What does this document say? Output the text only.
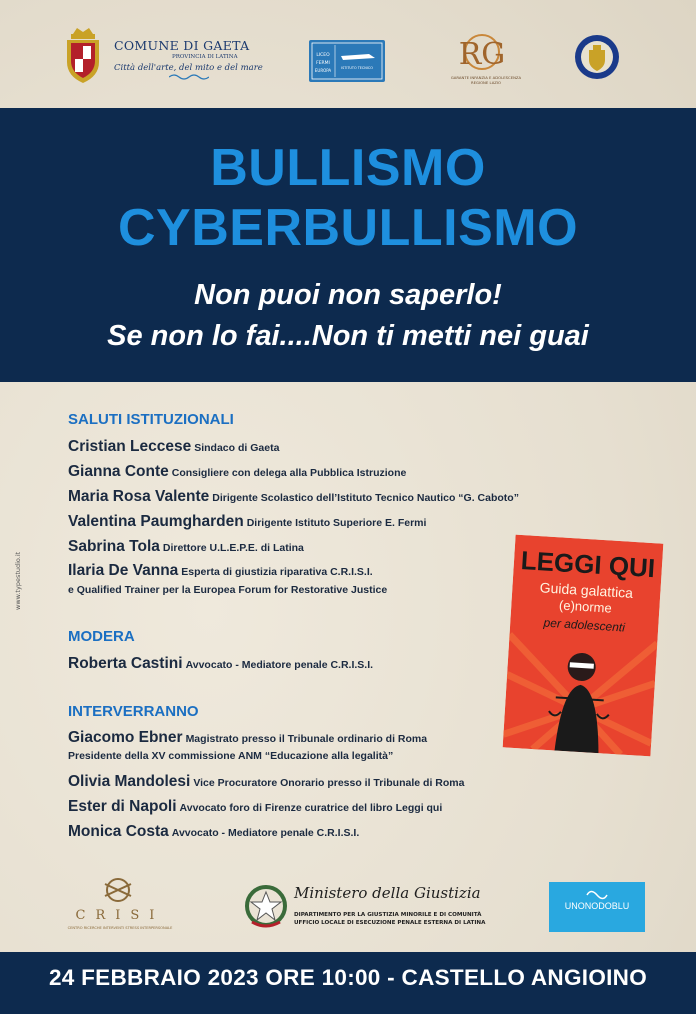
COMUNE DI GAETA
PROVINCIA DI LATINA
Città dell'arte, del mito e del mare
LICEO
FERMI
EUROPA	ISTITUTO TECNICO	RG
GARANTE INFANZIA E ADOLESCENZA REGIONE LAZIO
BULLISMO
CYBERBULLISMO
Non puoi non saperlo!
Se non lo fai....Non ti metti nei guai
SALUTI ISTITUZIONALI
Cristian Leccese Sindaco di Gaeta
Gianna Conte Consigliere con delega alla Pubblica Istruzione
Maria Rosa Valente Dirigente Scolastico dell’Istituto Tecnico Nautico “G. Caboto”
Valentina Paumgharden Dirigente Istituto Superiore E. Fermi
Sabrina Tola Direttore U.L.E.P.E. di Latina
Ilaria De Vanna Esperta di giustizia riparativa C.R.I.S.I.
e Qualified Trainer per la Europea Forum for Restorative Justice
MODERA
Roberta Castini Avvocato - Mediatore penale C.R.I.S.I.
INTERVERRANNO
Giacomo Ebner Magistrato presso il Tribunale ordinario di Roma
Presidente della XV commissione ANM “Educazione alla legalità”
Olivia Mandolesi Vice Procuratore Onorario presso il Tribunale di Roma
Ester di Napoli Avvocato foro di Firenze curatrice del libro Leggi qui
Monica Costa Avvocato - Mediatore penale C.R.I.S.I.
LEGGI QUI
Guida galattica
(e)norme
per adolescenti
www.typestudio.it
CRISI
CENTRO RICERCHE INTERVENTI STRESS INTERPERSONALE
Ministero della Giustizia
DIPARTIMENTO PER LA GIUSTIZIA MINORILE E DI COMUNITÀ
UFFICIO LOCALE DI ESECUZIONE PENALE ESTERNA DI LATINA
UNONODOBLU
24 FEBBRAIO 2023 ORE 10:00 - CASTELLO ANGIOINO
